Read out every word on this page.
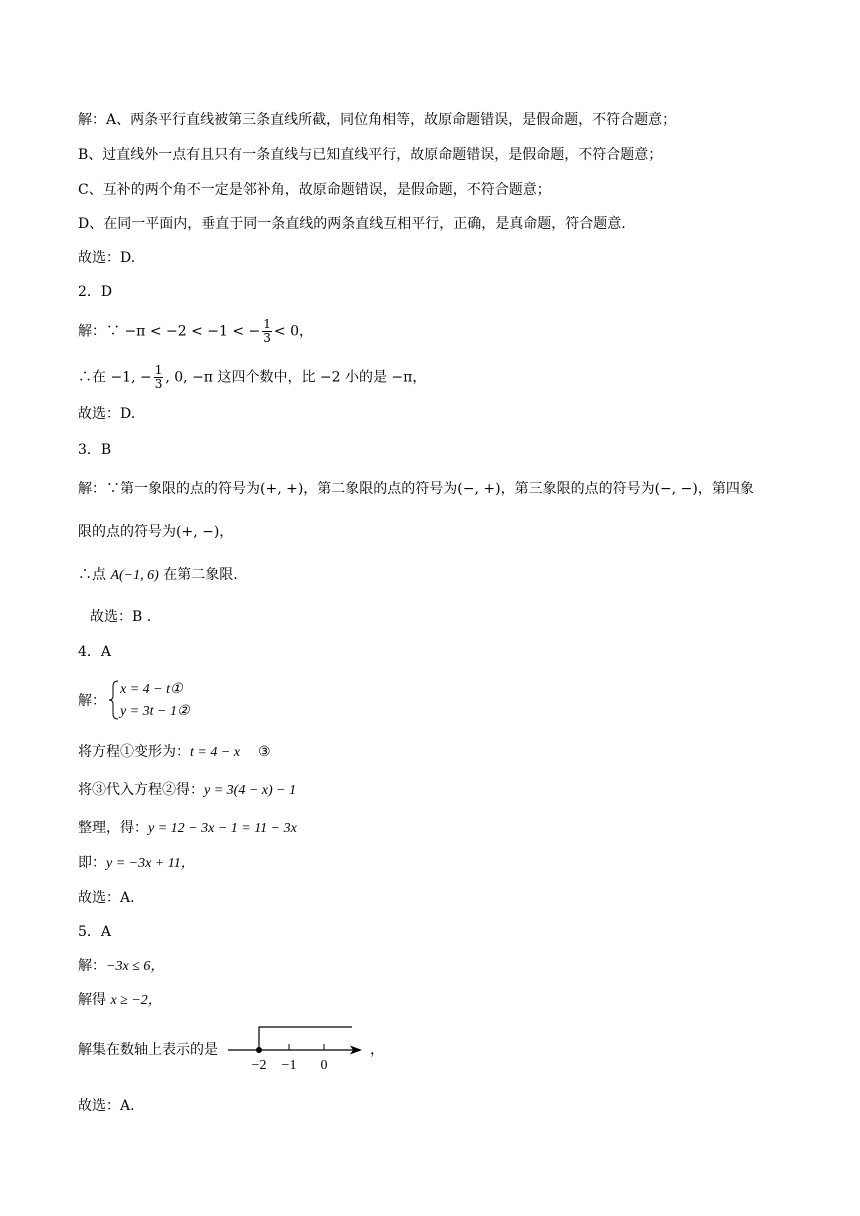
解：A、两条平行直线被第三条直线所截，同位角相等，故原命题错误，是假命题，不符合题意；
B、过直线外一点有且只有一条直线与已知直线平行，故原命题错误，是假命题，不符合题意；
C、互补的两个角不一定是邻补角，故原命题错误，是假命题，不符合题意；
D、在同一平面内，垂直于同一条直线的两条直线互相平行，正确，是真命题，符合题意.
故选：D.
2．D
解：∵ −π < −2 < −1 < − $\frac{1}{3} < 0$，
∴在 −1, − $\frac{1}{3}$ , 0, −π 这四个数中，比 −2 小的是 −π，
故选：D.
3．B
解：∵第一象限的点的符号为(+, +)，第二象限的点的符号为(−, +)，第三象限的点的符号为(−, −)，第四象
限的点的符号为(+, −)，
∴点 A(−1, 6) 在第二象限.
故选：B .
4．A
解：
x = 4 − t①
y = 3t − 1②
将方程①变形为：t = 4 − x ③
将③代入方程②得：y = 3(4 − x) − 1
整理，得：y = 12 − 3x − 1 = 11 − 3x
即：y = −3x + 11，
故选：A.
5．A
解：−3x ≤ 6，
解得 x ≥ −2，
解集在数轴上表示的是
−2 −1 0
，
故选：A.
